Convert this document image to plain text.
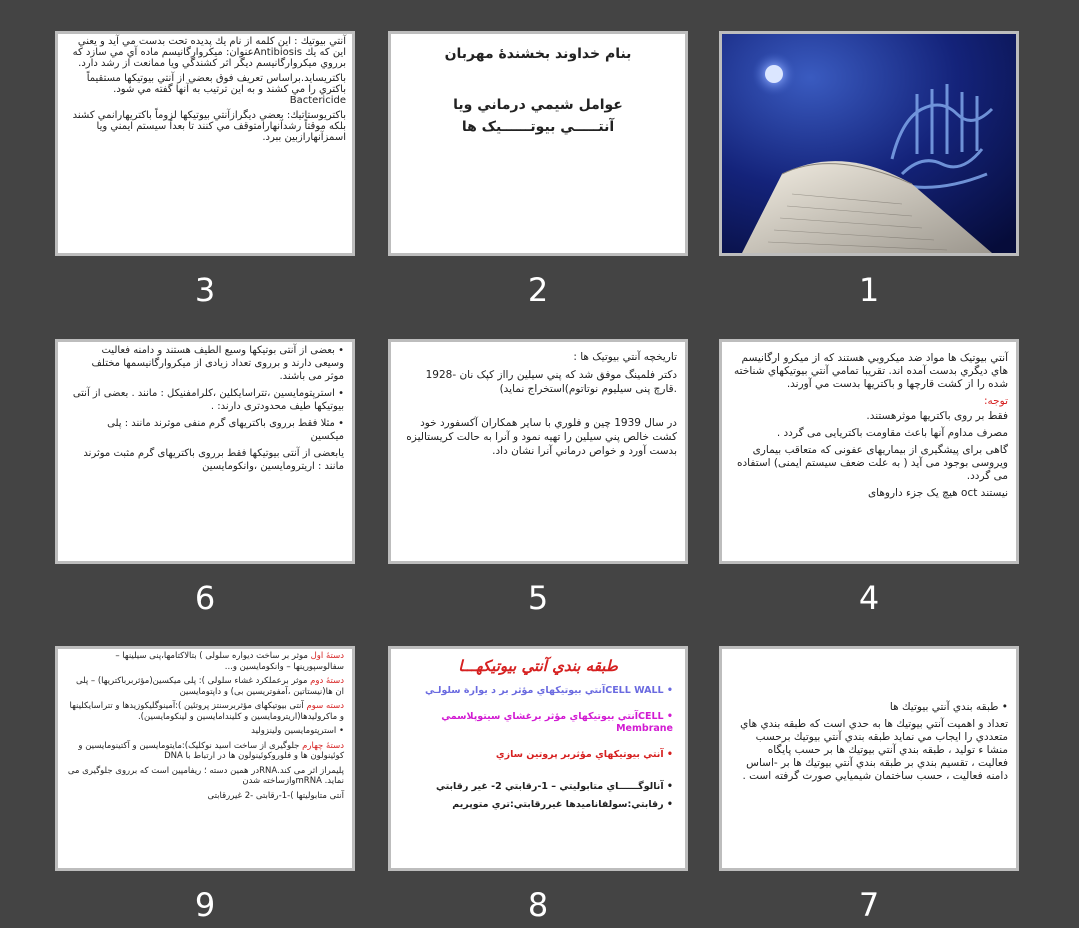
آنتي بيوتيك : اين كلمه از نام يك پديده تحت بدست مي آيد و يعني اين كه يك Antibiosisعنوان: ميكروارگانيسم ماده آي مي سازد كه برروي ميكروارگانيسم ديگر اثر كشندگي ويا ممانعت از رشد دارد.

باكتريسايد.براساس تعريف فوق بعضي از آنتي بيوتيكها مستقيماً باكتري را مي كشند و به اين ترتيب به آنها گفته مي شود. Bactericide

باكتريوستاتيك: بعضي ديگرازآنتي بيوتيكها لزوماً باكتريهارانمي كشند بلكه موقتاً رشدآنهارامتوقف مي كنند تا بعداً سيستم ايمني ويا اسمزآنهارازبين ببرد.

3
بنام خداوند بخشندهٔ مهربان
عوامل شيمي درماني ويا
آنتـــــي بيوتــــــيک ها
2	1

• بعضی از آنتی بوتيکها وسيع الطيف هستند و دامنه فعاليت وسيعی دارند و برروی تعداد زيادی از ميکروارگانيسمها مختلف موثر می باشند.

• استرپتومايسين ،تتراسايکلين ،کلرامفنيکل : مانند . بعضی از آنتی بيوتيکها طيف محدودتری دارند: .

• مثلا فقط برروی باکتريهای گرم منفی موثرند مانند : پلی ميکسين

يابعضی از آنتی بيوتيکها فقط برروی باکتريهای گرم مثبت موثرند مانند : اريترومايسين ،وانکومايسين

6

تاريخچه آنتي بيوتيک ها :

دکتر فلمينگ موفق شد که پني سيلين رااز کپک نان -1928 .قارچ پنی سيليوم نوتاتوم)استخراج نمايد)

در سال 1939 چين و فلوري با ساير همکاران آکسفورد خود کشت خالص پني سيلين را تهيه نمود و آنرا به حالت کريستاليزه بدست آورد و خواص درماني آنرا نشان داد.

5

آنتي بيوتيک ها مواد ضد ميکروبي هستند که از ميکرو ارگانيسم هاي ديگري بدست آمده اند. تقريبا تمامي آنتي بيوتيکهاي شناخته شده را از کشت قارچها و باکتريها بدست مي آورند.

توجه:

فقط بر روی باکتريها موثرهستند.

مصرف مداوم آنها باعث مقاومت باکتريايی می گردد .

گاهی برای پيشگيری از بيماريهای عفونی که متعاقب بيماری ويروسی بوجود می آيد ( به علت ضعف سيستم ايمنی) استفاده می گردد.

نيستند oct هيچ يک جزء داروهای

4

دستهٔ اول موثر بر ساخت ديواره سلولی ) بتالاکتامها،پنی سيلينها – سفالوسپورينها – وانکومايسين و...

دستهٔ دوم موثر برعملکرد غشاء سلولی ): پلی ميکسين(مؤثربرباکتريها) – پلی ان ها(نيستاتين ،آمفوتريسين بی) و داپتومايسين

دسته سوم آنتی بيوتيکهای مؤثربرسنتز پروتئين ):آمينوگليکوزيدها و تتراسايکلينها و ماکروليدها(اريترومايسين و کليندامايسين و لينکومايسين).

• استرپتومايسين ولينزوليد

دستهٔ چهارم جلوگيری از ساخت اسيد نوکليک):مايتومايسين و آکتينومايسين و کوئينولون ها و فلوروکوئينولون ها در ارتباط با DNA

پليمراز اثر می کند.RNAدر همين دسته ؛ ريفامپين است که برروی جلوگيری می نمايد. mRNAوازساخته شدن

آنتی متابوليتها )-1-رقابتی -2 غيررقابتی

9
طبقه بندي آنتي بيوتيكهـــا

• CELL WALLآنتي بيوتيكهاي مؤثر بر د يوارة سلولـي

• CELLآنتي بيوتيكهاي مؤثر برغشاي سيتوپلاسمي Membrane

• آنتي بيوتيكهاي مؤثربر پروتين سازي

• آنالوگــــــاي متابوليتي – 1-رقابتي 2- غير رقابتي

• رقابتي:سولفاناميدها غيررقابتي:تري متوپريم

8

• طبقه بندي آنتي بيوتيك ها

تعداد و اهميت آنتي بيوتيك ها به حدي است كه طبقه بندي هاي متعددي را ايجاب مي نمايد طبقه بندي آنتي بيوتيك برحسب منشا ء توليد ، طبقه بندي آنتي بيوتيك ها بر حسب پايگاه فعاليت ، تقسيم بندي بر طبقه بندي آنتي بيوتيك ها بر -اساس دامنه فعاليت ، حسب ساختمان شيميايي صورت گرفته است .

7
